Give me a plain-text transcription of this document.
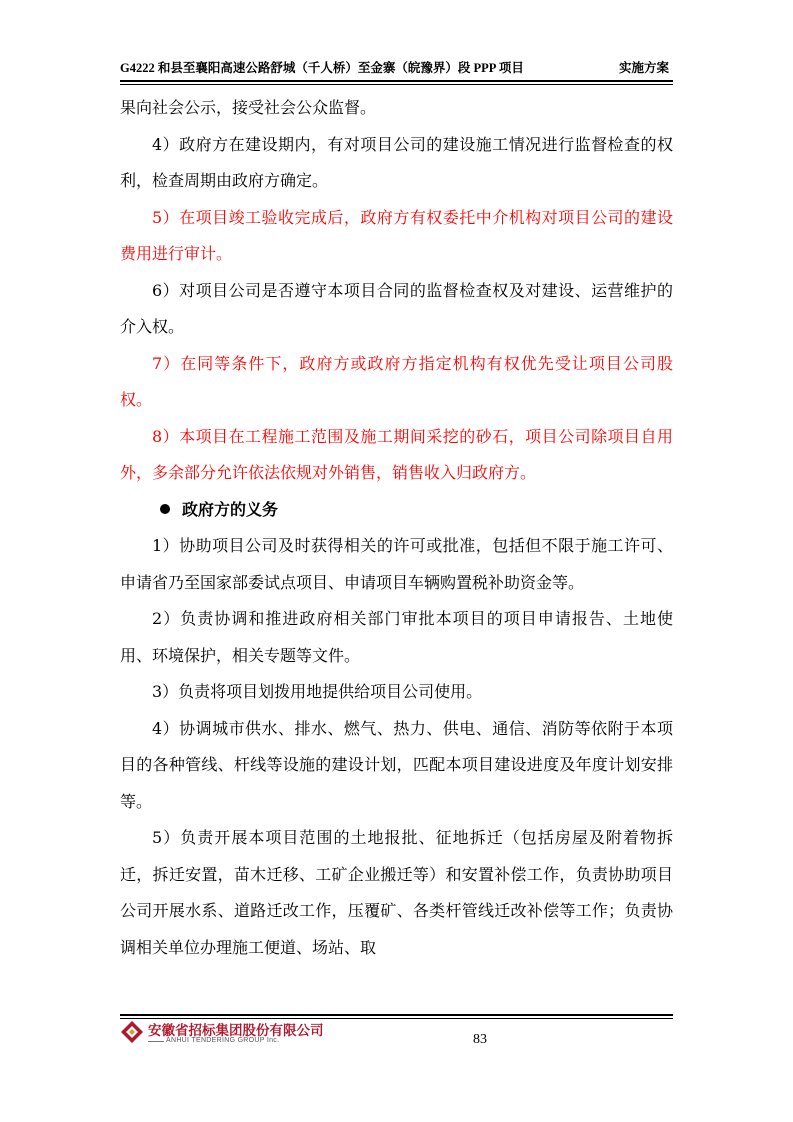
G4222 和县至襄阳高速公路舒城（千人桥）至金寨（皖豫界）段 PPP 项目	实施方案

果向社会公示，接受社会公众监督。

4）政府方在建设期内，有对项目公司的建设施工情况进行监督检查的权利，检查周期由政府方确定。

5）在项目竣工验收完成后，政府方有权委托中介机构对项目公司的建设费用进行审计。

6）对项目公司是否遵守本项目合同的监督检查权及对建设、运营维护的介入权。

7）在同等条件下，政府方或政府方指定机构有权优先受让项目公司股权。

8）本项目在工程施工范围及施工期间采挖的砂石，项目公司除项目自用外，多余部分允许依法依规对外销售，销售收入归政府方。

政府方的义务

1）协助项目公司及时获得相关的许可或批准，包括但不限于施工许可、申请省乃至国家部委试点项目、申请项目车辆购置税补助资金等。

2）负责协调和推进政府相关部门审批本项目的项目申请报告、土地使用、环境保护，相关专题等文件。

3）负责将项目划拨用地提供给项目公司使用。

4）协调城市供水、排水、燃气、热力、供电、通信、消防等依附于本项目的各种管线、杆线等设施的建设计划，匹配本项目建设进度及年度计划安排等。

5）负责开展本项目范围的土地报批、征地拆迁（包括房屋及附着物拆迁，拆迁安置，苗木迁移、工矿企业搬迁等）和安置补偿工作，负责协助项目公司开展水系、道路迁改工作，压覆矿、各类杆管线迁改补偿等工作；负责协调相关单位办理施工便道、场站、取

安徽省招标集团股份有限公司
ANHUI TENDERING GROUP Inc.	83
